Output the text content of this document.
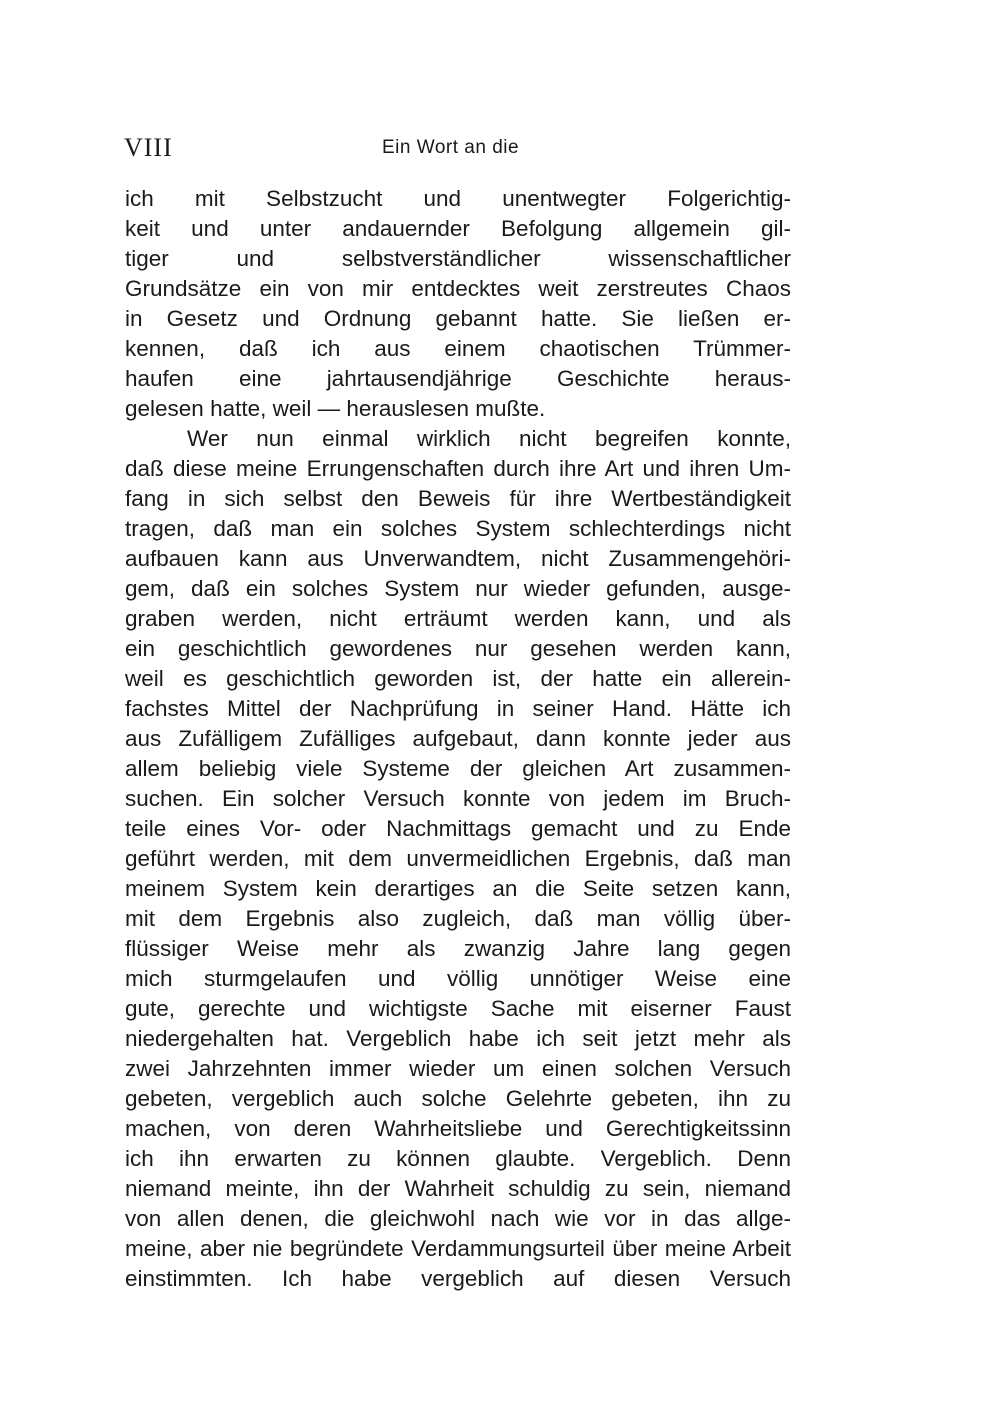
VIII	Ein Wort an die
ich mit Selbstzucht und unentwegter Folgerichtig-
keit und unter andauernder Befolgung allgemein gil-
tiger und selbstverständlicher wissenschaftlicher
Grundsätze ein von mir entdecktes weit zerstreutes Chaos
in Gesetz und Ordnung gebannt hatte. Sie ließen er-
kennen, daß ich aus einem chaotischen Trümmer-
haufen eine jahrtausendjährige Geschichte heraus-
gelesen hatte, weil — herauslesen mußte.
Wer nun einmal wirklich nicht begreifen konnte,
daß diese meine Errungenschaften durch ihre Art und ihren Um-
fang in sich selbst den Beweis für ihre Wertbeständigkeit
tragen, daß man ein solches System schlechterdings nicht
aufbauen kann aus Unverwandtem, nicht Zusammengehöri-
gem, daß ein solches System nur wieder gefunden, ausge-
graben werden, nicht erträumt werden kann, und als
ein geschichtlich gewordenes nur gesehen werden kann,
weil es geschichtlich geworden ist, der hatte ein allerein-
fachstes Mittel der Nachprüfung in seiner Hand. Hätte ich
aus Zufälligem Zufälliges aufgebaut, dann konnte jeder aus
allem beliebig viele Systeme der gleichen Art zusammen-
suchen. Ein solcher Versuch konnte von jedem im Bruch-
teile eines Vor- oder Nachmittags gemacht und zu Ende
geführt werden, mit dem unvermeidlichen Ergebnis, daß man
meinem System kein derartiges an die Seite setzen kann,
mit dem Ergebnis also zugleich, daß man völlig über-
flüssiger Weise mehr als zwanzig Jahre lang gegen
mich sturmgelaufen und völlig unnötiger Weise eine
gute, gerechte und wichtigste Sache mit eiserner Faust
niedergehalten hat. Vergeblich habe ich seit jetzt mehr als
zwei Jahrzehnten immer wieder um einen solchen Versuch
gebeten, vergeblich auch solche Gelehrte gebeten, ihn zu
machen, von deren Wahrheitsliebe und Gerechtigkeitssinn
ich ihn erwarten zu können glaubte. Vergeblich. Denn
niemand meinte, ihn der Wahrheit schuldig zu sein, niemand
von allen denen, die gleichwohl nach wie vor in das allge-
meine, aber nie begründete Verdammungsurteil über meine Arbeit
einstimmten. Ich habe vergeblich auf diesen Versuch
